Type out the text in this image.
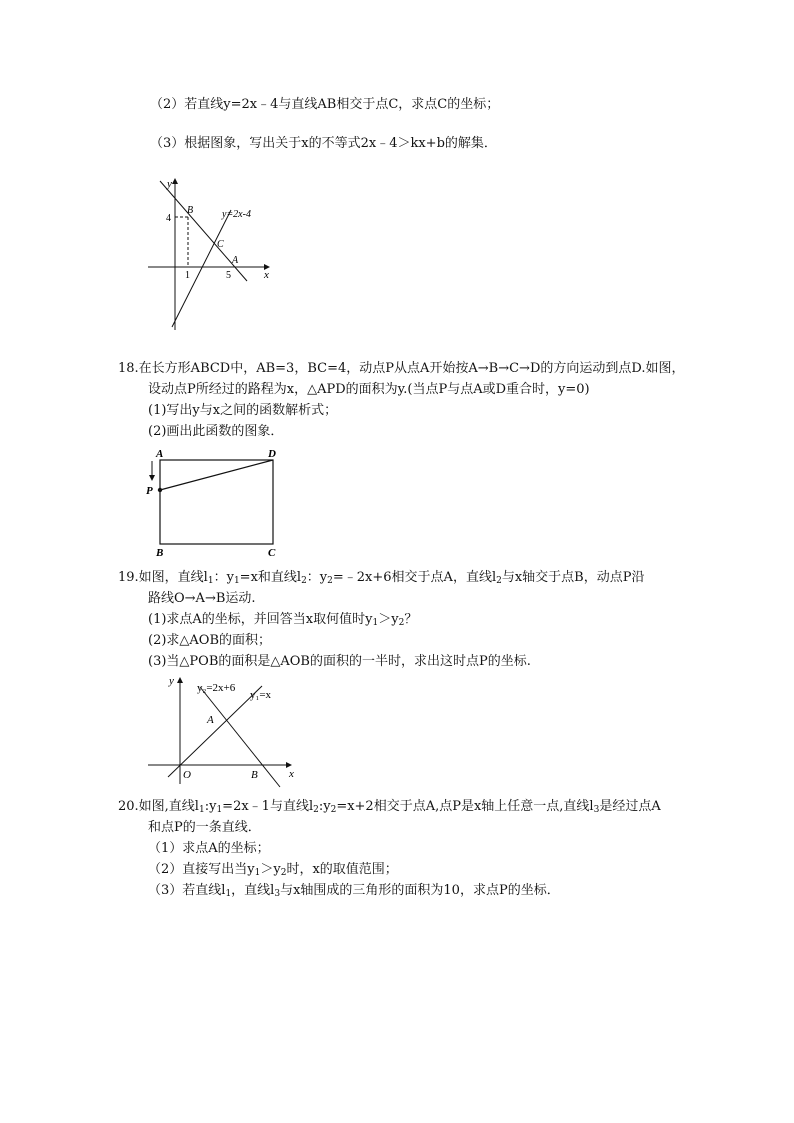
（2）若直线y=2x﹣4与直线AB相交于点C，求点C的坐标；
（3）根据图象，写出关于x的不等式2x﹣4＞kx+b的解集．
y
x
4
1	5
B
C
A
y=2x-4
18.在长方形ABCD中，AB=3，BC=4，动点P从点A开始按A→B→C→D的方向运动到点D.如图，
设动点P所经过的路程为x，△APD的面积为y.(当点P与点A或D重合时，y=0)
(1)写出y与x之间的函数解析式；
(2)画出此函数的图象．
A	D
P
B	C
19.如图，直线$l_1$：$y_1=x$和直线$l_2$：$y_2=﹣2x+6$相交于点A，直线$l_2$与x轴交于点B，动点P沿
路线O→A→B运动.
(1)求点A的坐标，并回答当x取何值时$y_1>y_2$？
(2)求△AOB的面积；
(3)当△POB的面积是△AOB的面积的一半时，求出这时点P的坐标.
y
x
O
A
B
y₂=2x+6
y₁=x
20.如图,直线$l_1:y_1=2x﹣1$与直线$l_2:y_2=x+2$相交于点A,点P是x轴上任意一点,直线$l_3$是经过点A
和点P的一条直线．
（1）求点A的坐标；
（2）直接写出当$y_1>y_2$时，x的取值范围；
（3）若直线$l_1$，直线$l_3$与x轴围成的三角形的面积为10，求点P的坐标．
